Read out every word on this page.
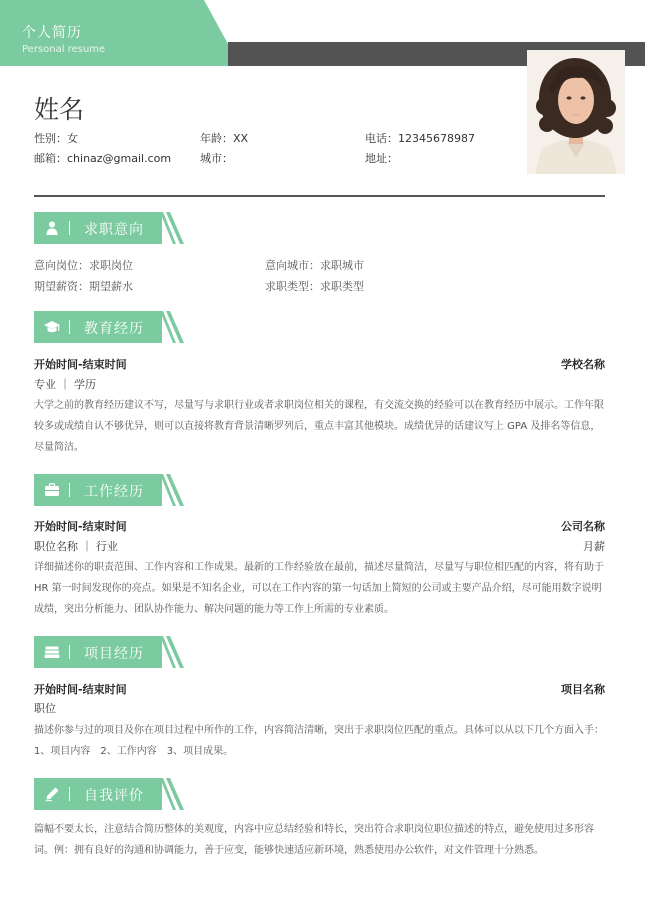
个人简历
Personal resume
姓名
性别：女	年龄：XX	电话：12345678987
邮箱：chinaz@gmail.com	城市：	地址：
求职意向
意向岗位：求职岗位	意向城市：求职城市
期望薪资：期望薪水	求职类型：求职类型
教育经历
开始时间-结束时间	学校名称
专业 ｜ 学历
大学之前的教育经历建议不写，尽量写与求职行业或者求职岗位相关的课程，有交流交换的经验可以在教育经历中展示。工作年限较多或成绩自认不够优异，则可以直接将教育背景清晰罗列后，重点丰富其他模块。成绩优异的话建议写上 GPA 及排名等信息，尽量简洁。
工作经历
开始时间-结束时间	公司名称
职位名称 ｜ 行业	月薪
详细描述你的职责范围、工作内容和工作成果。最新的工作经验放在最前，描述尽量简洁，尽量写与职位相匹配的内容，将有助于 HR 第一时间发现你的亮点。如果是不知名企业，可以在工作内容的第一句话加上简短的公司或主要产品介绍，尽可能用数字说明成绩，突出分析能力、团队协作能力、解决问题的能力等工作上所需的专业素质。
项目经历
开始时间-结束时间	项目名称
职位
描述你参与过的项目及你在项目过程中所作的工作，内容简洁清晰，突出于求职岗位匹配的重点。具体可以从以下几个方面入手：1、项目内容　2、工作内容　3、项目成果。
自我评价
篇幅不要太长，注意结合简历整体的美观度，内容中应总结经验和特长，突出符合求职岗位职位描述的特点，避免使用过多形容词。例：拥有良好的沟通和协调能力，善于应变，能够快速适应新环境，熟悉使用办公软件，对文件管理十分熟悉。
